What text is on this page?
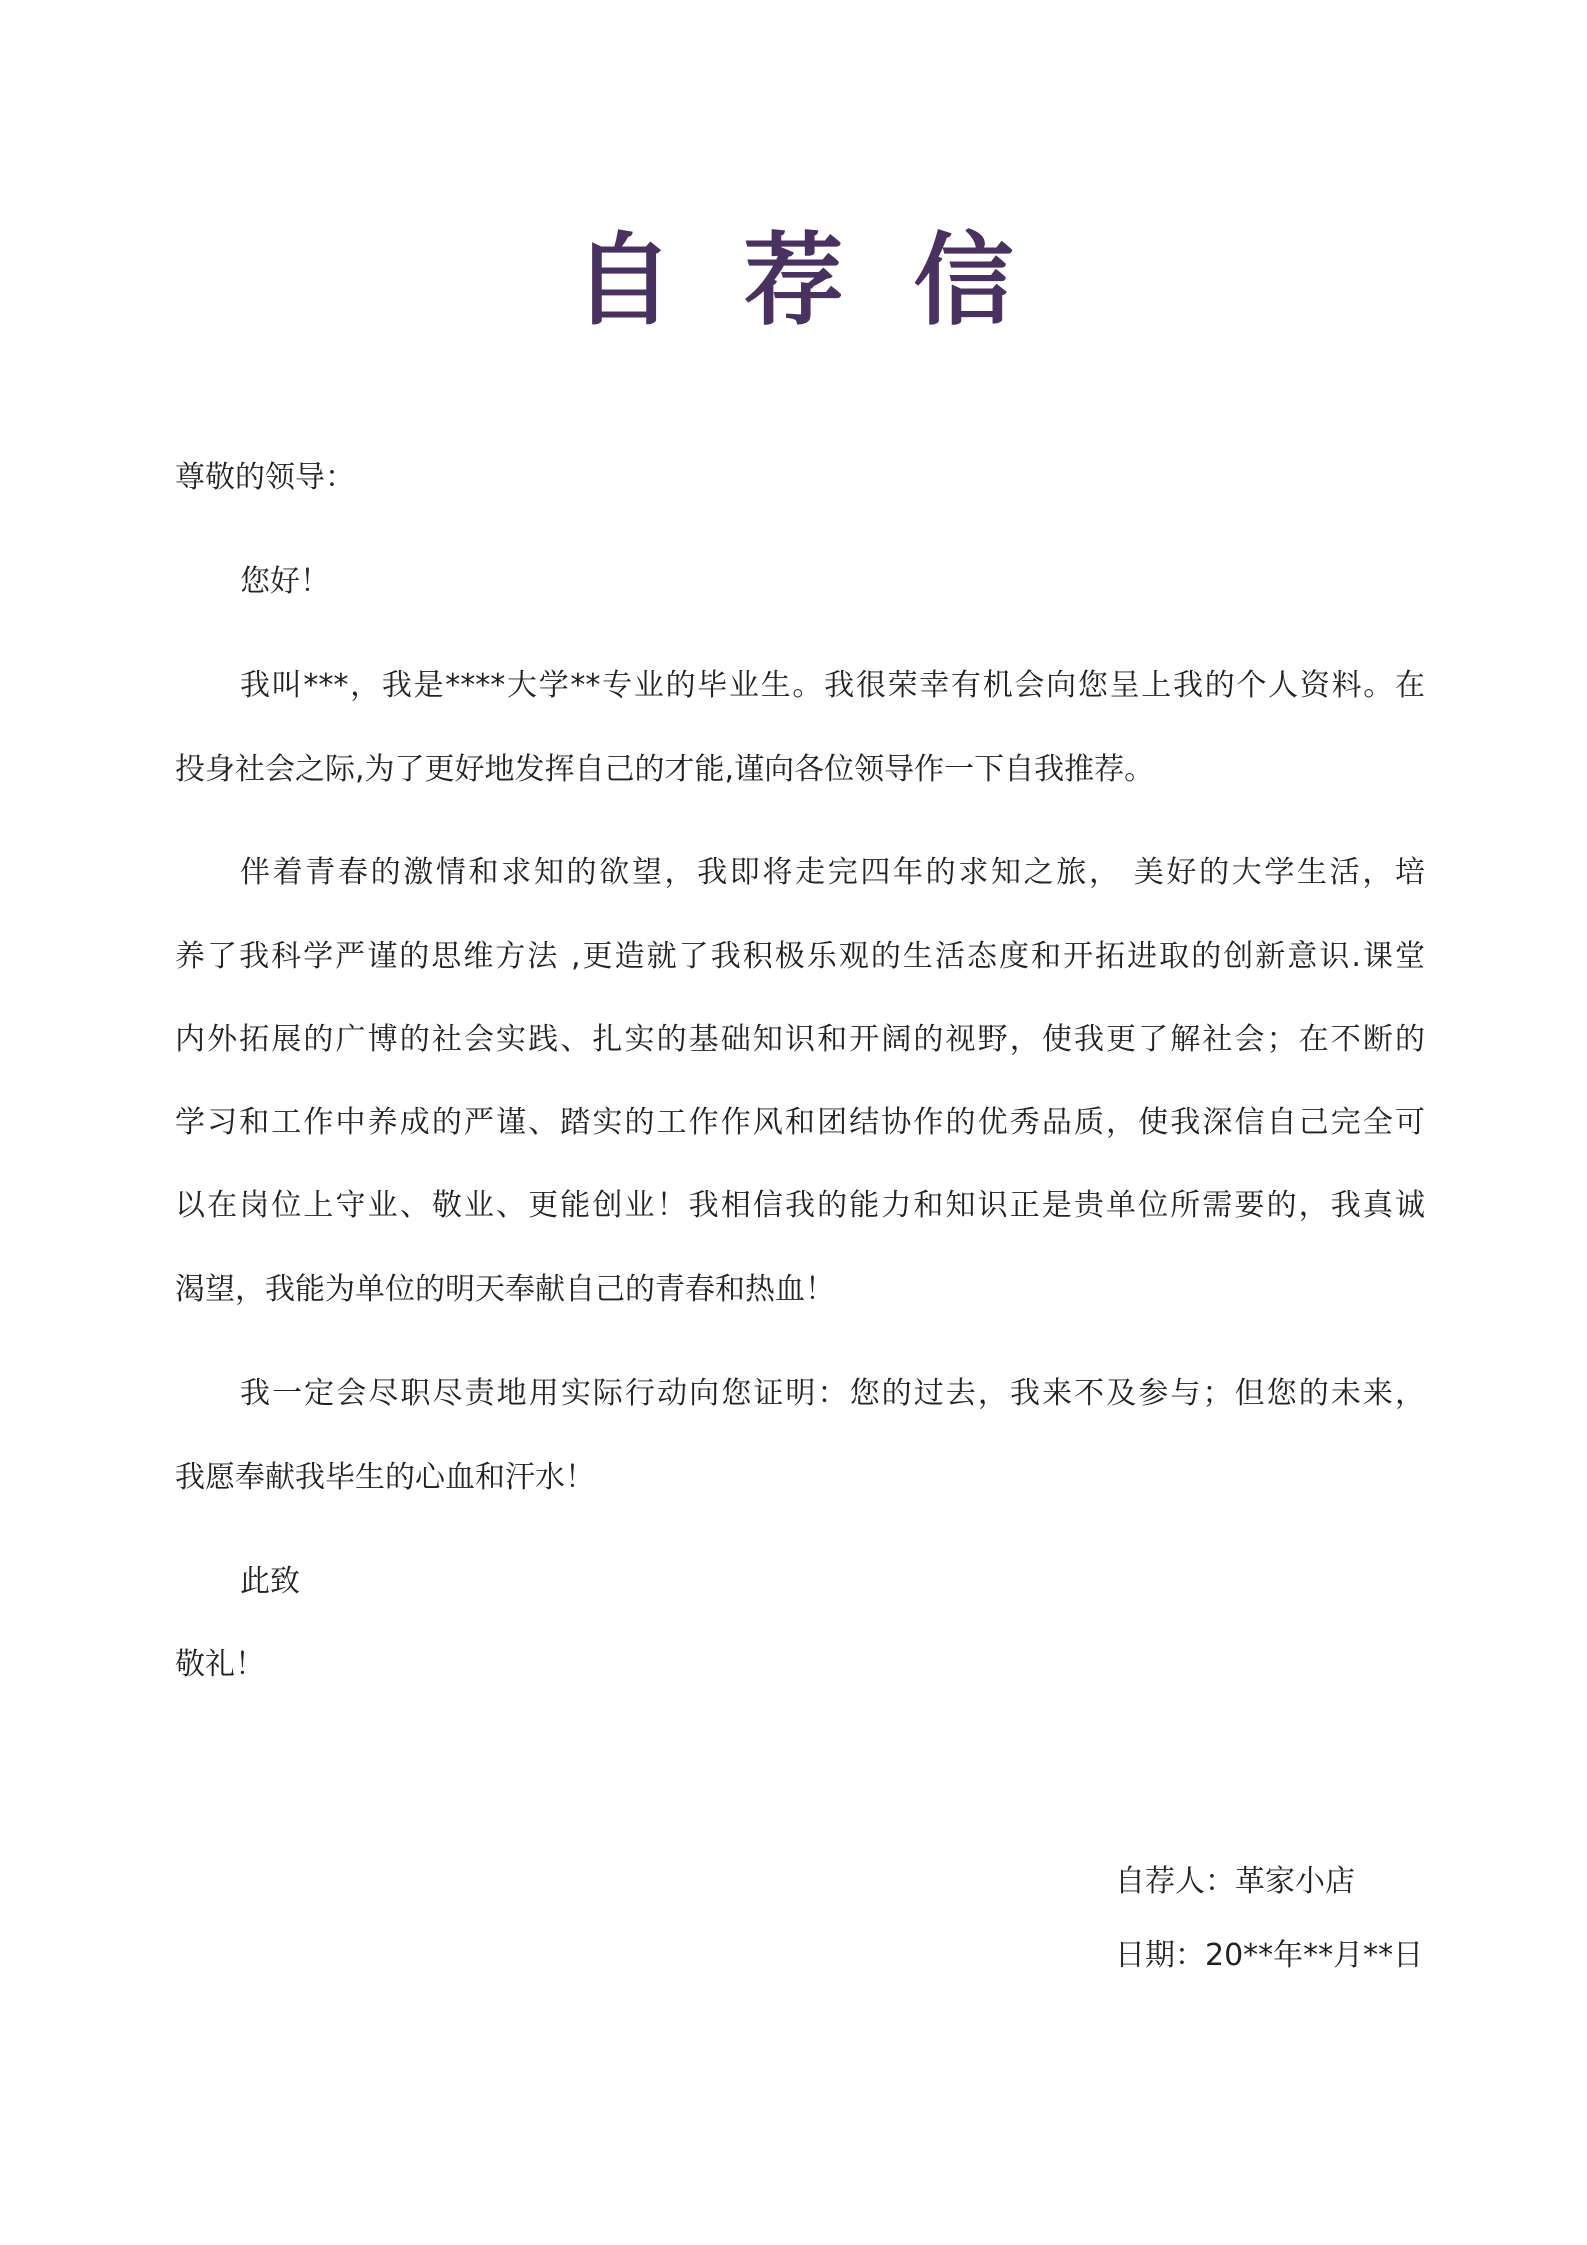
自荐信
尊敬的领导：
您好！
我叫***，我是****大学**专业的毕业生。我很荣幸有机会向您呈上我的个人资料。在
投身社会之际,为了更好地发挥自己的才能,谨向各位领导作一下自我推荐。
伴着青春的激情和求知的欲望，我即将走完四年的求知之旅， 美好的大学生活，培
养了我科学严谨的思维方法 ,更造就了我积极乐观的生活态度和开拓进取的创新意识.课堂
内外拓展的广博的社会实践、扎实的基础知识和开阔的视野，使我更了解社会；在不断的
学习和工作中养成的严谨、踏实的工作作风和团结协作的优秀品质，使我深信自己完全可
以在岗位上守业、敬业、更能创业！我相信我的能力和知识正是贵单位所需要的，我真诚
渴望，我能为单位的明天奉献自己的青春和热血！
我一定会尽职尽责地用实际行动向您证明：您的过去，我来不及参与；但您的未来，
我愿奉献我毕生的心血和汗水！
此致
敬礼！
自荐人：革家小店
日期：20**年**月**日
